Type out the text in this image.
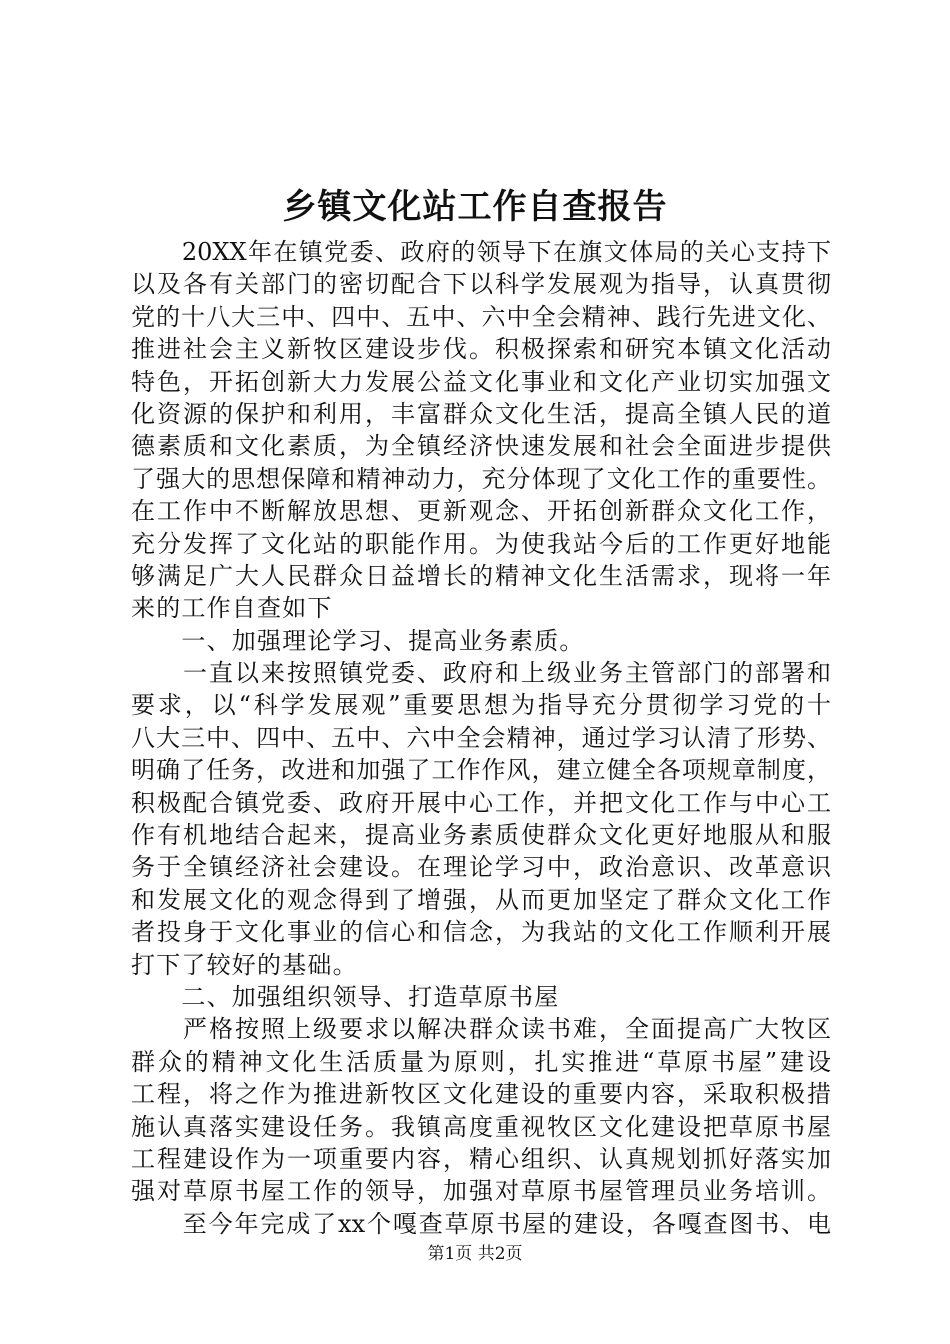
乡镇文化站工作自查报告
　　20XX年在镇党委、政府的领导下在旗文体局的关心支持下
以及各有关部门的密切配合下以科学发展观为指导，认真贯彻
党的十八大三中、四中、五中、六中全会精神、践行先进文化、
推进社会主义新牧区建设步伐。积极探索和研究本镇文化活动
特色，开拓创新大力发展公益文化事业和文化产业切实加强文
化资源的保护和利用，丰富群众文化生活，提高全镇人民的道
德素质和文化素质，为全镇经济快速发展和社会全面进步提供
了强大的思想保障和精神动力，充分体现了文化工作的重要性。
在工作中不断解放思想、更新观念、开拓创新群众文化工作，
充分发挥了文化站的职能作用。为使我站今后的工作更好地能
够满足广大人民群众日益增长的精神文化生活需求，现将一年
来的工作自查如下
　　一、加强理论学习、提高业务素质。
　　一直以来按照镇党委、政府和上级业务主管部门的部署和
要求，以“科学发展观”重要思想为指导充分贯彻学习党的十
八大三中、四中、五中、六中全会精神，通过学习认清了形势、
明确了任务，改进和加强了工作作风，建立健全各项规章制度，
积极配合镇党委、政府开展中心工作，并把文化工作与中心工
作有机地结合起来，提高业务素质使群众文化更好地服从和服
务于全镇经济社会建设。在理论学习中，政治意识、改革意识
和发展文化的观念得到了增强，从而更加坚定了群众文化工作
者投身于文化事业的信心和信念，为我站的文化工作顺利开展
打下了较好的基础。
　　二、加强组织领导、打造草原书屋
　　严格按照上级要求以解决群众读书难，全面提高广大牧区
群众的精神文化生活质量为原则，扎实推进“草原书屋”建设
工程，将之作为推进新牧区文化建设的重要内容，采取积极措
施认真落实建设任务。我镇高度重视牧区文化建设把草原书屋
工程建设作为一项重要内容，精心组织、认真规划抓好落实加
强对草原书屋工作的领导，加强对草原书屋管理员业务培训。
　　至今年完成了xx个嘎查草原书屋的建设，各嘎查图书、电
第1页 共2页
